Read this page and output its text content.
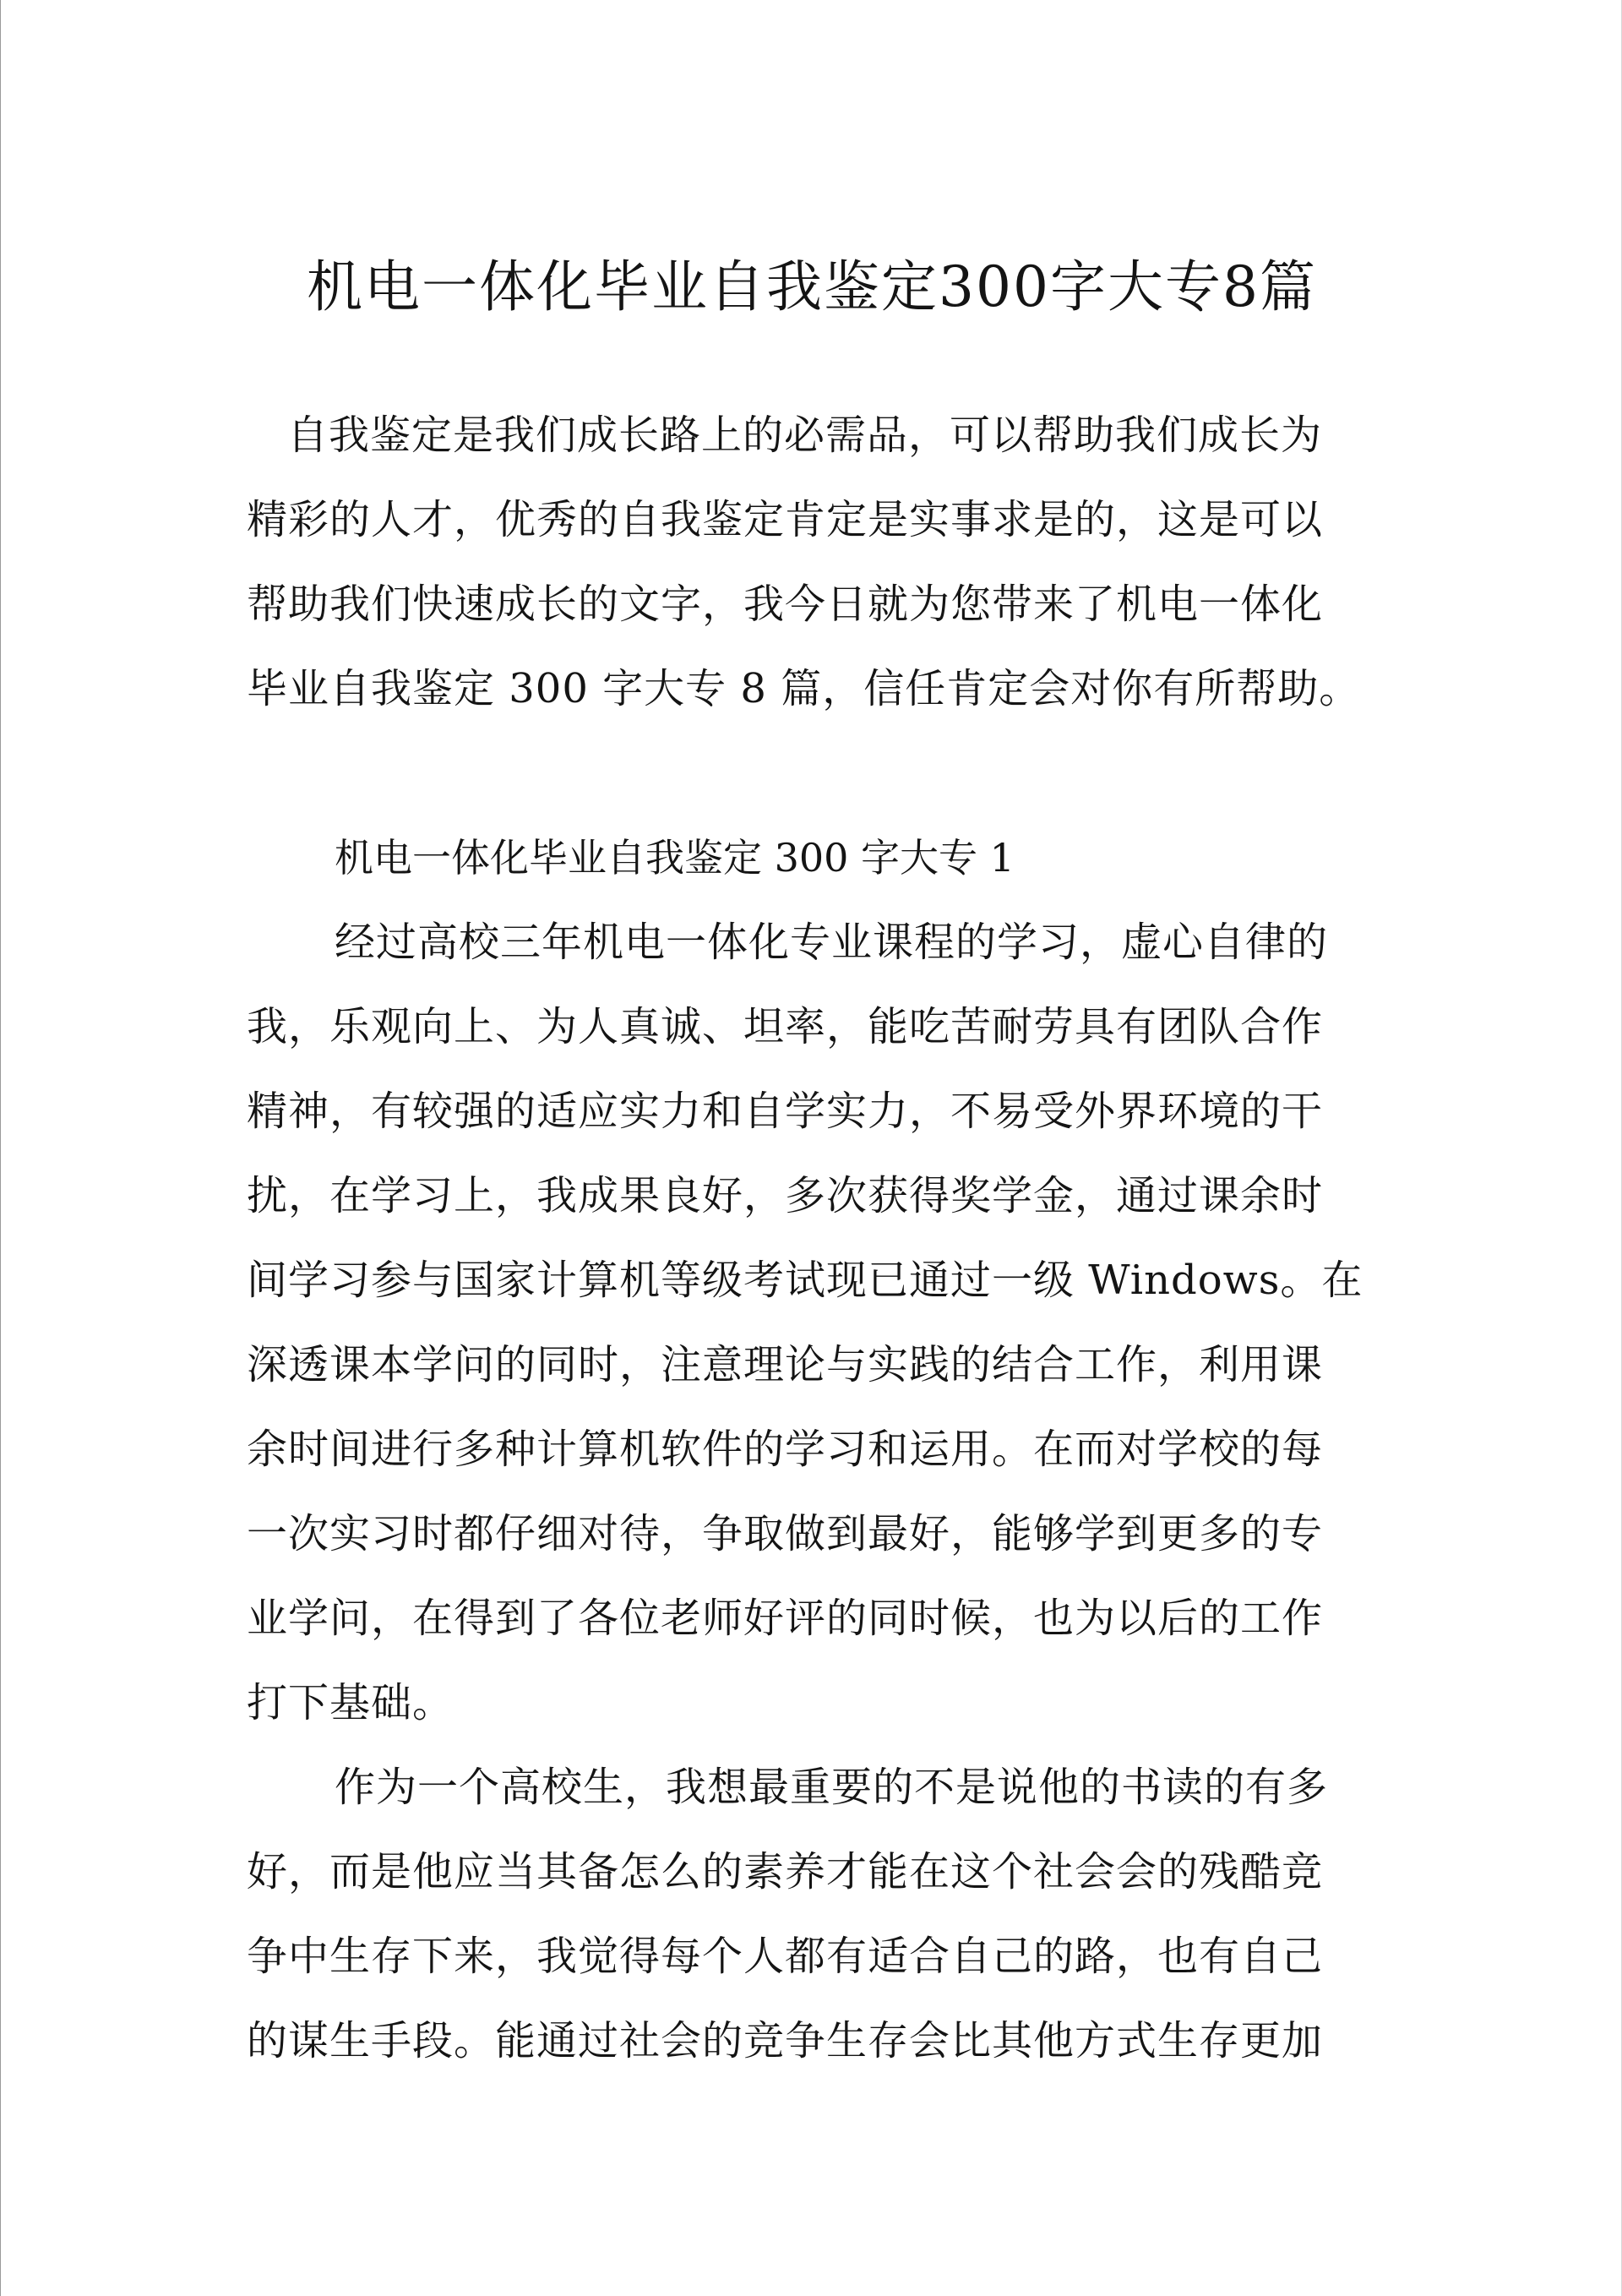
机电一体化毕业自我鉴定300字大专8篇
自我鉴定是我们成长路上的必需品，可以帮助我们成长为
精彩的人才，优秀的自我鉴定肯定是实事求是的，这是可以
帮助我们快速成长的文字，我今日就为您带来了机电一体化
毕业自我鉴定 300 字大专 8 篇，信任肯定会对你有所帮助。
机电一体化毕业自我鉴定 300 字大专 1
经过高校三年机电一体化专业课程的学习，虚心自律的
我，乐观向上、为人真诚、坦率，能吃苦耐劳具有团队合作
精神，有较强的适应实力和自学实力，不易受外界环境的干
扰，在学习上，我成果良好，多次获得奖学金，通过课余时
间学习参与国家计算机等级考试现已通过一级 Windows。在
深透课本学问的同时，注意理论与实践的结合工作，利用课
余时间进行多种计算机软件的学习和运用。在而对学校的每
一次实习时都仔细对待，争取做到最好，能够学到更多的专
业学问，在得到了各位老师好评的同时候，也为以后的工作
打下基础。
作为一个高校生，我想最重要的不是说他的书读的有多
好，而是他应当其备怎么的素养才能在这个社会会的残酷竞
争中生存下来，我觉得每个人都有适合自己的路，也有自己
的谋生手段。能通过社会的竞争生存会比其他方式生存更加
